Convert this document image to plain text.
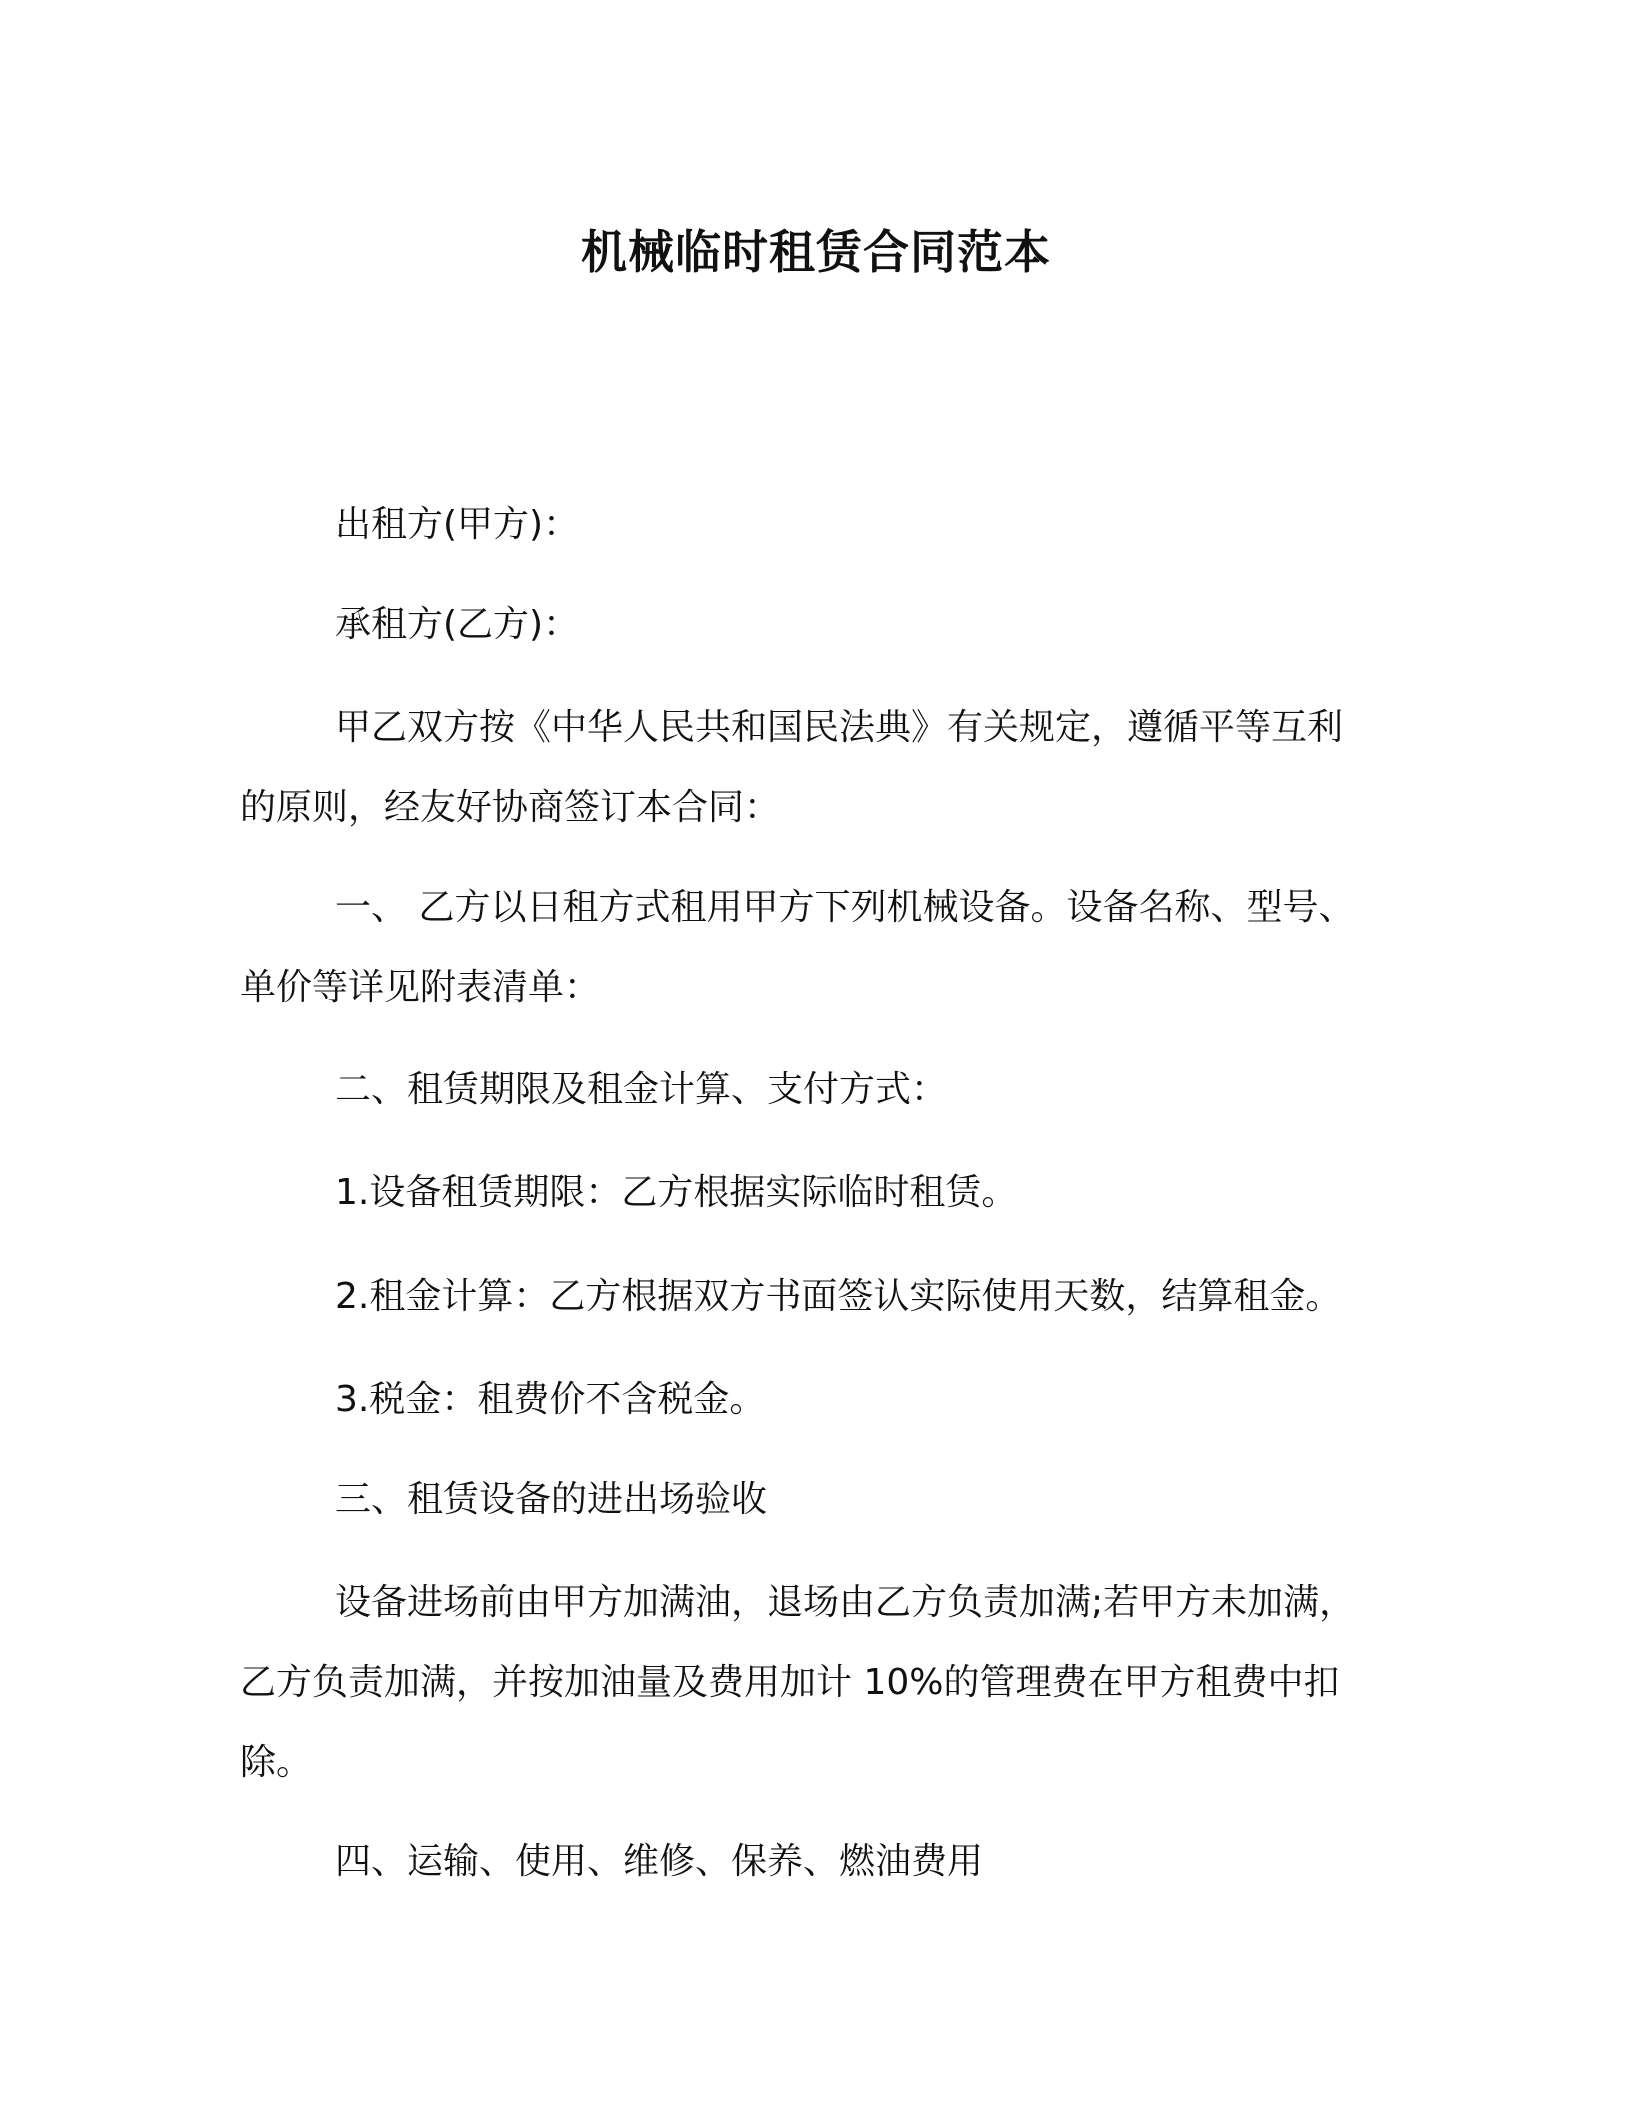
机械临时租赁合同范本

出租方(甲方)：

承租方(乙方)：

甲乙双方按《中华人民共和国民法典》有关规定，遵循平等互利
的原则，经友好协商签订本合同：
一、 乙方以日租方式租用甲方下列机械设备。设备名称、型号、
单价等详见附表清单：

二、租赁期限及租金计算、支付方式：

1.设备租赁期限：乙方根据实际临时租赁。

2.租金计算：乙方根据双方书面签认实际使用天数，结算租金。

3.税金：租费价不含税金。

三、租赁设备的进出场验收

设备进场前由甲方加满油，退场由乙方负责加满;若甲方未加满，
乙方负责加满，并按加油量及费用加计 10%的管理费在甲方租费中扣
除。

四、运输、使用、维修、保养、燃油费用
